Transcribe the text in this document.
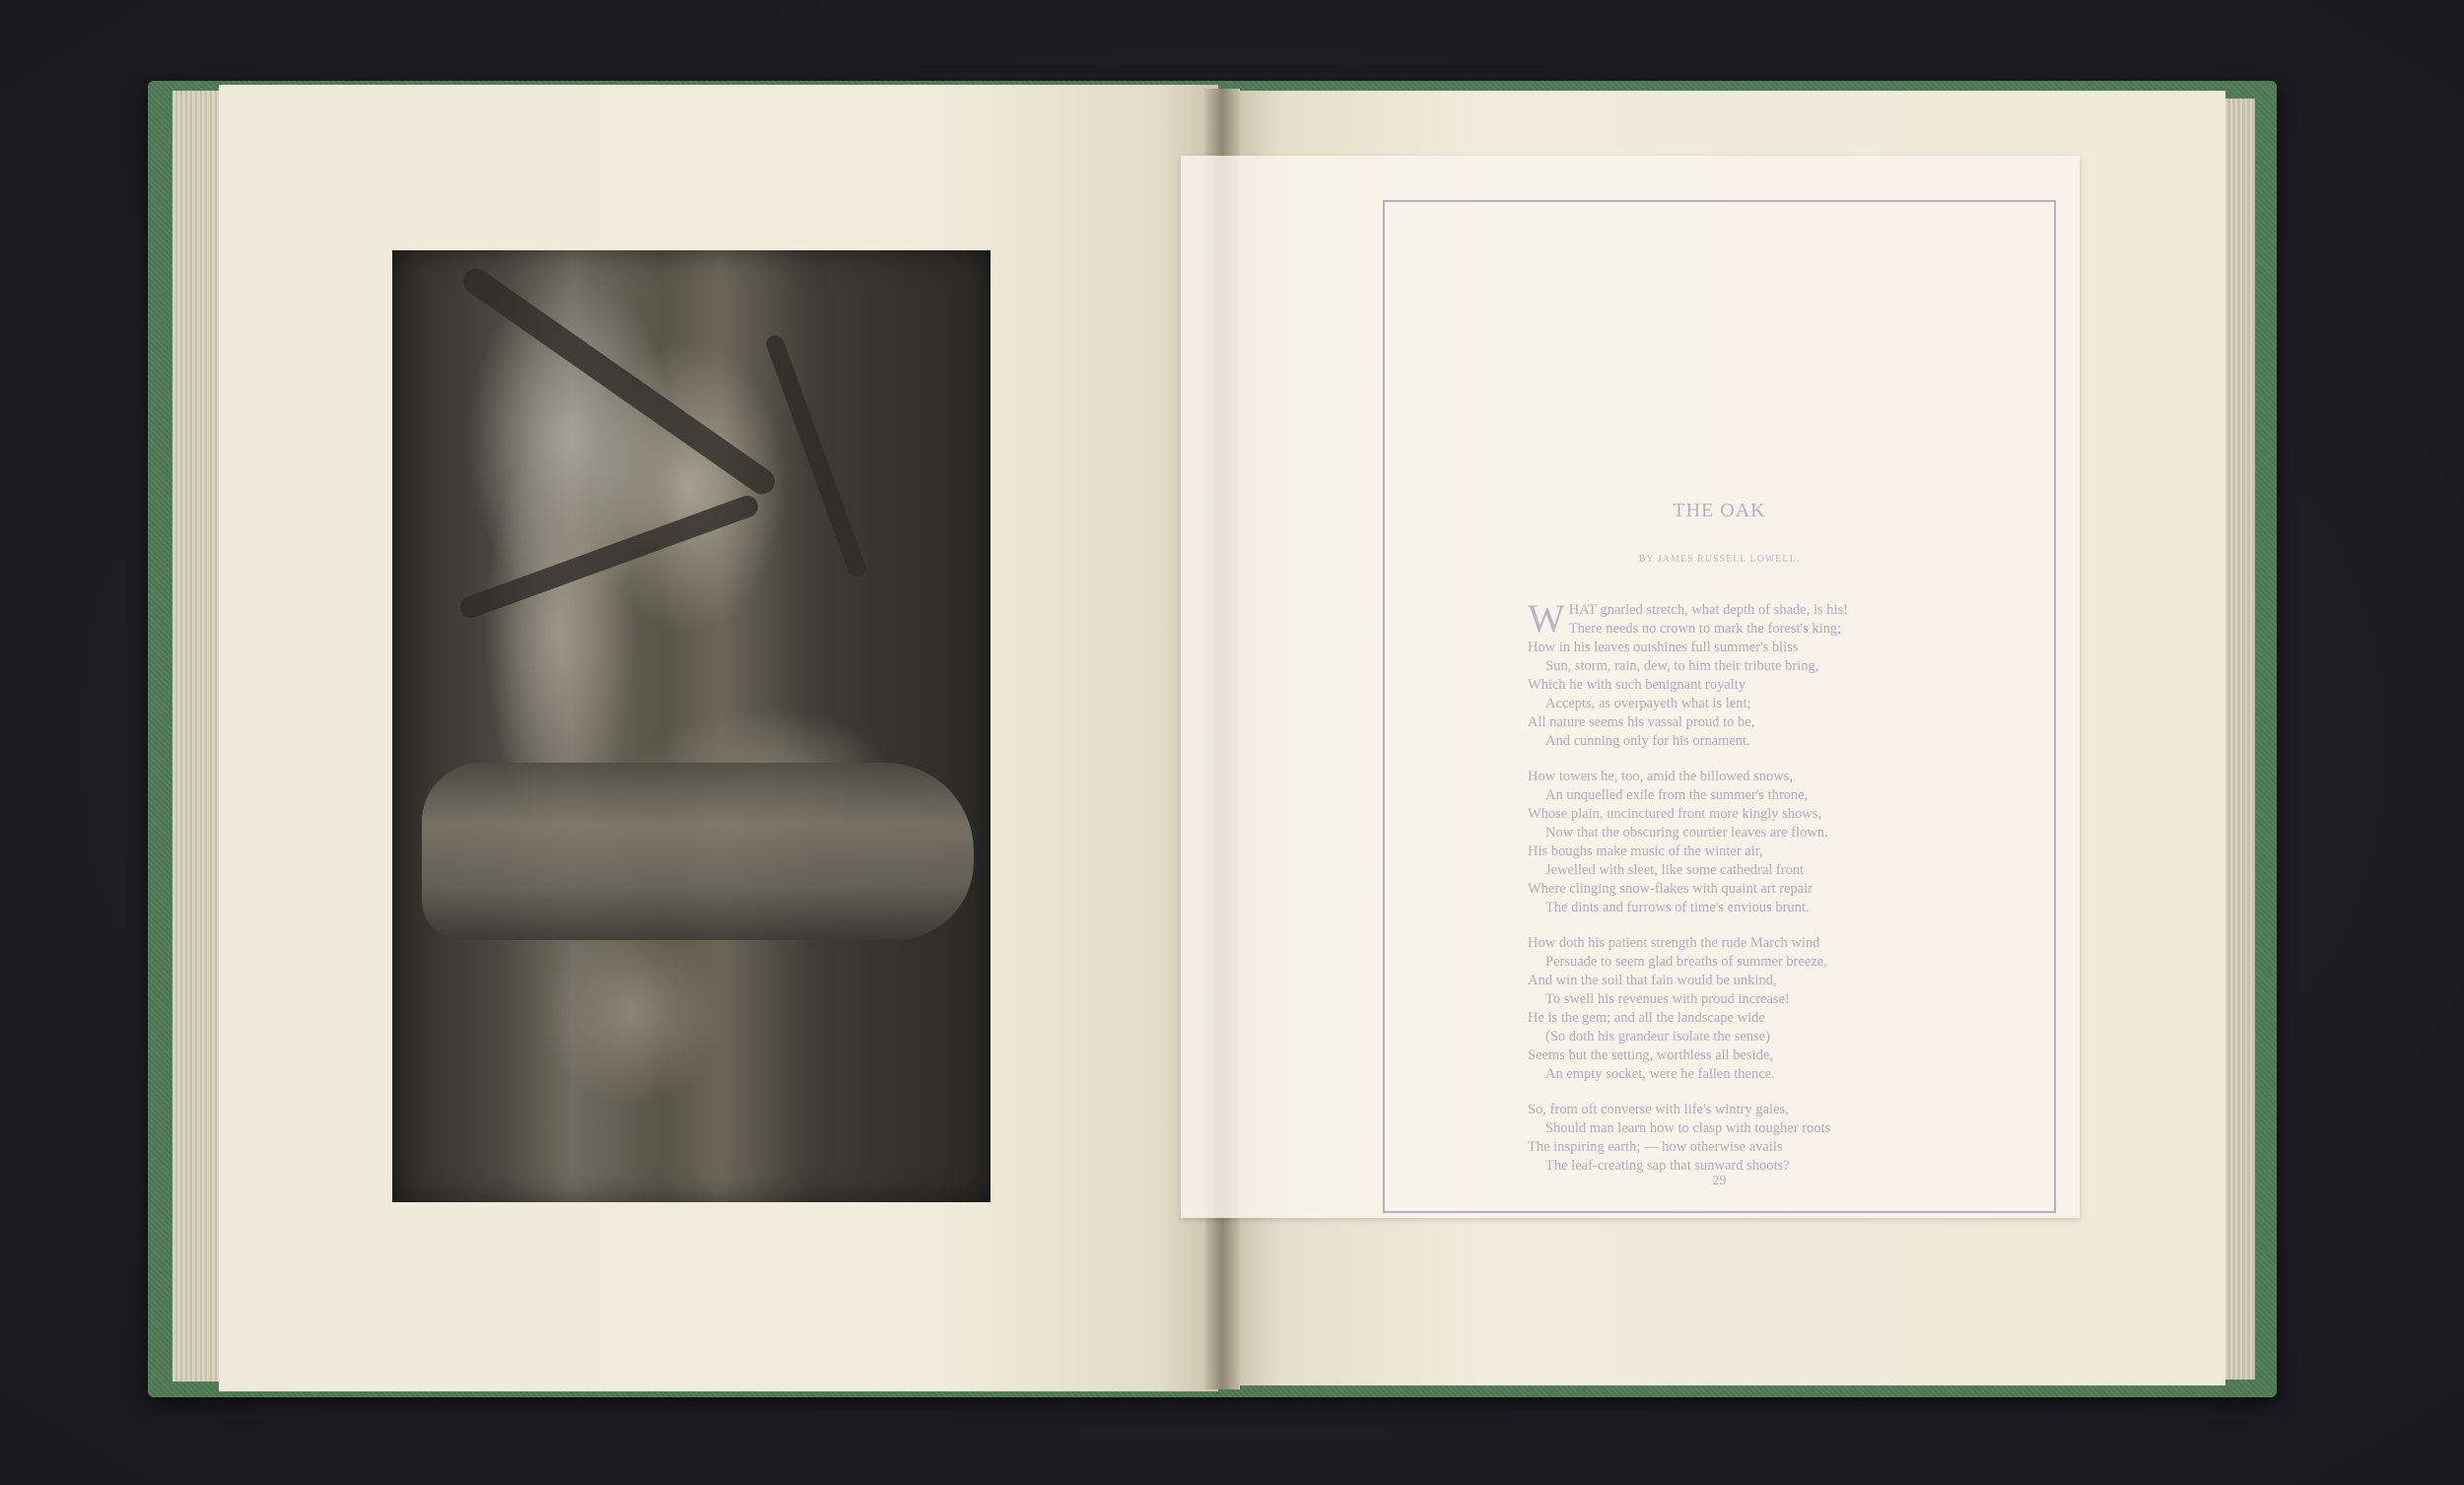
THE OAK
BY JAMES RUSSELL LOWELL.
W HAT gnarled stretch, what depth of shade, is his!
There needs no crown to mark the forest's king;
How in his leaves outshines full summer's bliss
Sun, storm, rain, dew, to him their tribute bring,
Which he with such benignant royalty
Accepts, as overpayeth what is lent;
All nature seems his vassal proud to be,
And cunning only for his ornament.
How towers he, too, amid the billowed snows,
An unquelled exile from the summer's throne,
Whose plain, uncinctured front more kingly shows,
Now that the obscuring courtier leaves are flown.
His boughs make music of the winter air,
Jewelled with sleet, like some cathedral front
Where clinging snow-flakes with quaint art repair
The dints and furrows of time's envious brunt.
How doth his patient strength the rude March wind
Persuade to seem glad breaths of summer breeze,
And win the soil that fain would be unkind,
To swell his revenues with proud increase!
He is the gem; and all the landscape wide
(So doth his grandeur isolate the sense)
Seems but the setting, worthless all beside,
An empty socket, were he fallen thence.
So, from oft converse with life's wintry gales,
Should man learn how to clasp with tougher roots
The inspiring earth; — how otherwise avails
The leaf-creating sap that sunward shoots?
29
